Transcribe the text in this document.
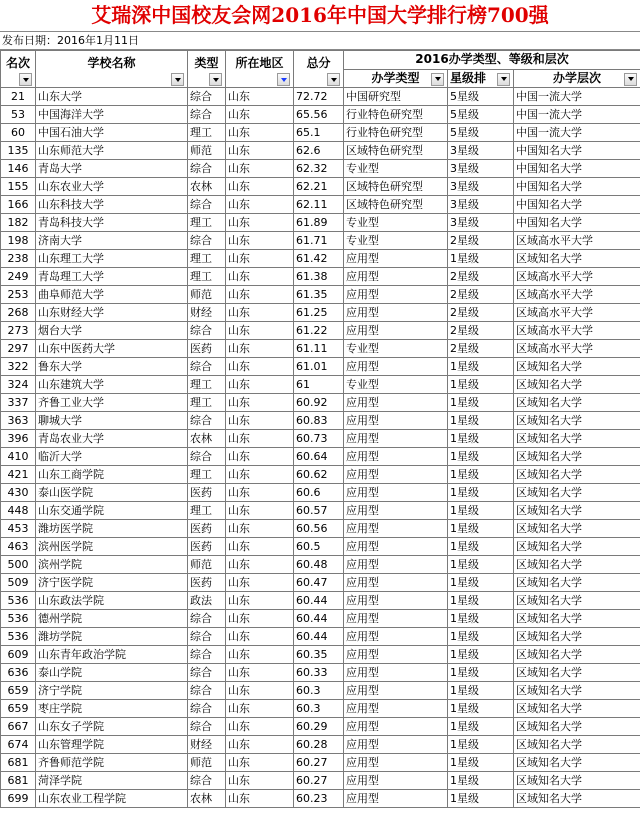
艾瑞深中国校友会网2016年中国大学排行榜700强
发布日期：2016年1月11日
名次	学校名称	类型	所在地区	总分	2016办学类型、等级和层次		

					办学类型	星级排	办学层次

21	山东大学	综合	山东	72.72	中国研究型	5星级	中国一流大学
53	中国海洋大学	综合	山东	65.56	行业特色研究型	5星级	中国一流大学
60	中国石油大学	理工	山东	65.1	行业特色研究型	5星级	中国一流大学
135	山东师范大学	师范	山东	62.6	区域特色研究型	3星级	中国知名大学
146	青岛大学	综合	山东	62.32	专业型	3星级	中国知名大学
155	山东农业大学	农林	山东	62.21	区域特色研究型	3星级	中国知名大学
166	山东科技大学	综合	山东	62.11	区域特色研究型	3星级	中国知名大学
182	青岛科技大学	理工	山东	61.89	专业型	3星级	中国知名大学
198	济南大学	综合	山东	61.71	专业型	2星级	区域高水平大学
238	山东理工大学	理工	山东	61.42	应用型	1星级	区域知名大学
249	青岛理工大学	理工	山东	61.38	应用型	2星级	区域高水平大学
253	曲阜师范大学	师范	山东	61.35	应用型	2星级	区域高水平大学
268	山东财经大学	财经	山东	61.25	应用型	2星级	区域高水平大学
273	烟台大学	综合	山东	61.22	应用型	2星级	区域高水平大学
297	山东中医药大学	医药	山东	61.11	专业型	2星级	区域高水平大学
322	鲁东大学	综合	山东	61.01	应用型	1星级	区域知名大学
324	山东建筑大学	理工	山东	61	专业型	1星级	区域知名大学
337	齐鲁工业大学	理工	山东	60.92	应用型	1星级	区域知名大学
363	聊城大学	综合	山东	60.83	应用型	1星级	区域知名大学
396	青岛农业大学	农林	山东	60.73	应用型	1星级	区域知名大学
410	临沂大学	综合	山东	60.64	应用型	1星级	区域知名大学
421	山东工商学院	理工	山东	60.62	应用型	1星级	区域知名大学
430	泰山医学院	医药	山东	60.6	应用型	1星级	区域知名大学
448	山东交通学院	理工	山东	60.57	应用型	1星级	区域知名大学
453	潍坊医学院	医药	山东	60.56	应用型	1星级	区域知名大学
463	滨州医学院	医药	山东	60.5	应用型	1星级	区域知名大学
500	滨州学院	师范	山东	60.48	应用型	1星级	区域知名大学
509	济宁医学院	医药	山东	60.47	应用型	1星级	区域知名大学
536	山东政法学院	政法	山东	60.44	应用型	1星级	区域知名大学
536	德州学院	综合	山东	60.44	应用型	1星级	区域知名大学
536	潍坊学院	综合	山东	60.44	应用型	1星级	区域知名大学
609	山东青年政治学院	综合	山东	60.35	应用型	1星级	区域知名大学
636	泰山学院	综合	山东	60.33	应用型	1星级	区域知名大学
659	济宁学院	综合	山东	60.3	应用型	1星级	区域知名大学
659	枣庄学院	综合	山东	60.3	应用型	1星级	区域知名大学
667	山东女子学院	综合	山东	60.29	应用型	1星级	区域知名大学
674	山东管理学院	财经	山东	60.28	应用型	1星级	区域知名大学
681	齐鲁师范学院	师范	山东	60.27	应用型	1星级	区域知名大学
681	菏泽学院	综合	山东	60.27	应用型	1星级	区域知名大学
699	山东农业工程学院	农林	山东	60.23	应用型	1星级	区域知名大学
